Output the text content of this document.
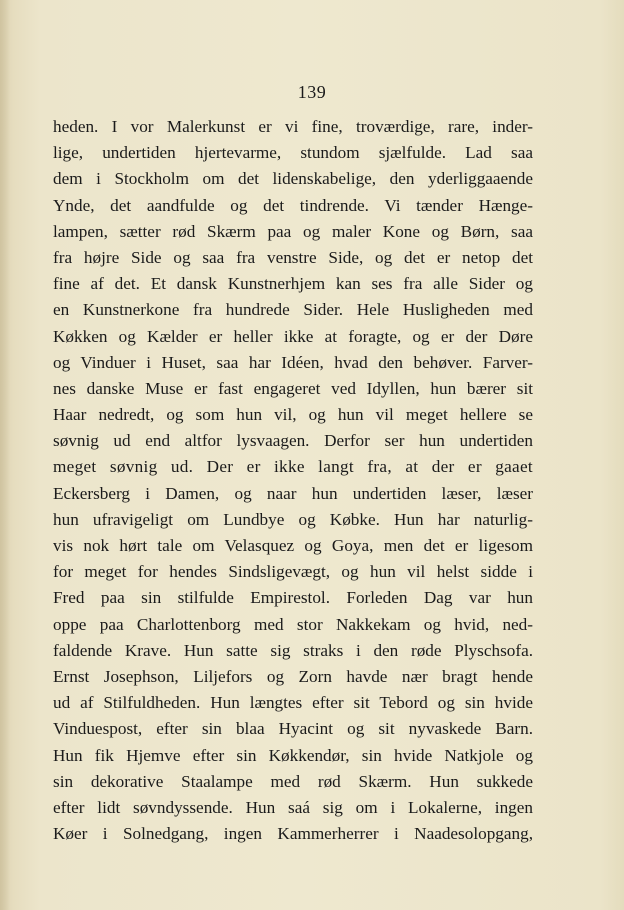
139
heden. I vor Malerkunst er vi fine, troværdige, rare, inder-
lige, undertiden hjertevarme, stundom sjælfulde. Lad saa
dem i Stockholm om det lidenskabelige, den yderliggaaende
Ynde, det aandfulde og det tindrende. Vi tænder Hænge-
lampen, sætter rød Skærm paa og maler Kone og Børn, saa
fra højre Side og saa fra venstre Side, og det er netop det
fine af det. Et dansk Kunstnerhjem kan ses fra alle Sider og
en Kunstnerkone fra hundrede Sider. Hele Husligheden med
Køkken og Kælder er heller ikke at foragte, og er der Døre
og Vinduer i Huset, saa har Idéen, hvad den behøver. Farver-
nes danske Muse er fast engageret ved Idyllen, hun bærer sit
Haar nedredt, og som hun vil, og hun vil meget hellere se
søvnig ud end altfor lysvaagen. Derfor ser hun undertiden
meget søvnig ud. Der er ikke langt fra, at der er gaaet
Eckersberg i Damen, og naar hun undertiden læser, læser
hun ufravigeligt om Lundbye og Købke. Hun har naturlig-
vis nok hørt tale om Velasquez og Goya, men det er ligesom
for meget for hendes Sindsligevægt, og hun vil helst sidde i
Fred paa sin stilfulde Empirestol. Forleden Dag var hun
oppe paa Charlottenborg med stor Nakkekam og hvid, ned-
faldende Krave. Hun satte sig straks i den røde Plyschsofa.
Ernst Josephson, Liljefors og Zorn havde nær bragt hende
ud af Stilfuldheden. Hun længtes efter sit Tebord og sin hvide
Vinduespost, efter sin blaa Hyacint og sit nyvaskede Barn.
Hun fik Hjemve efter sin Køkkendør, sin hvide Natkjole og
sin dekorative Staalampe med rød Skærm. Hun sukkede
efter lidt søvndyssende. Hun saá sig om i Lokalerne, ingen
Køer i Solnedgang, ingen Kammerherrer i Naadesolopgang,
